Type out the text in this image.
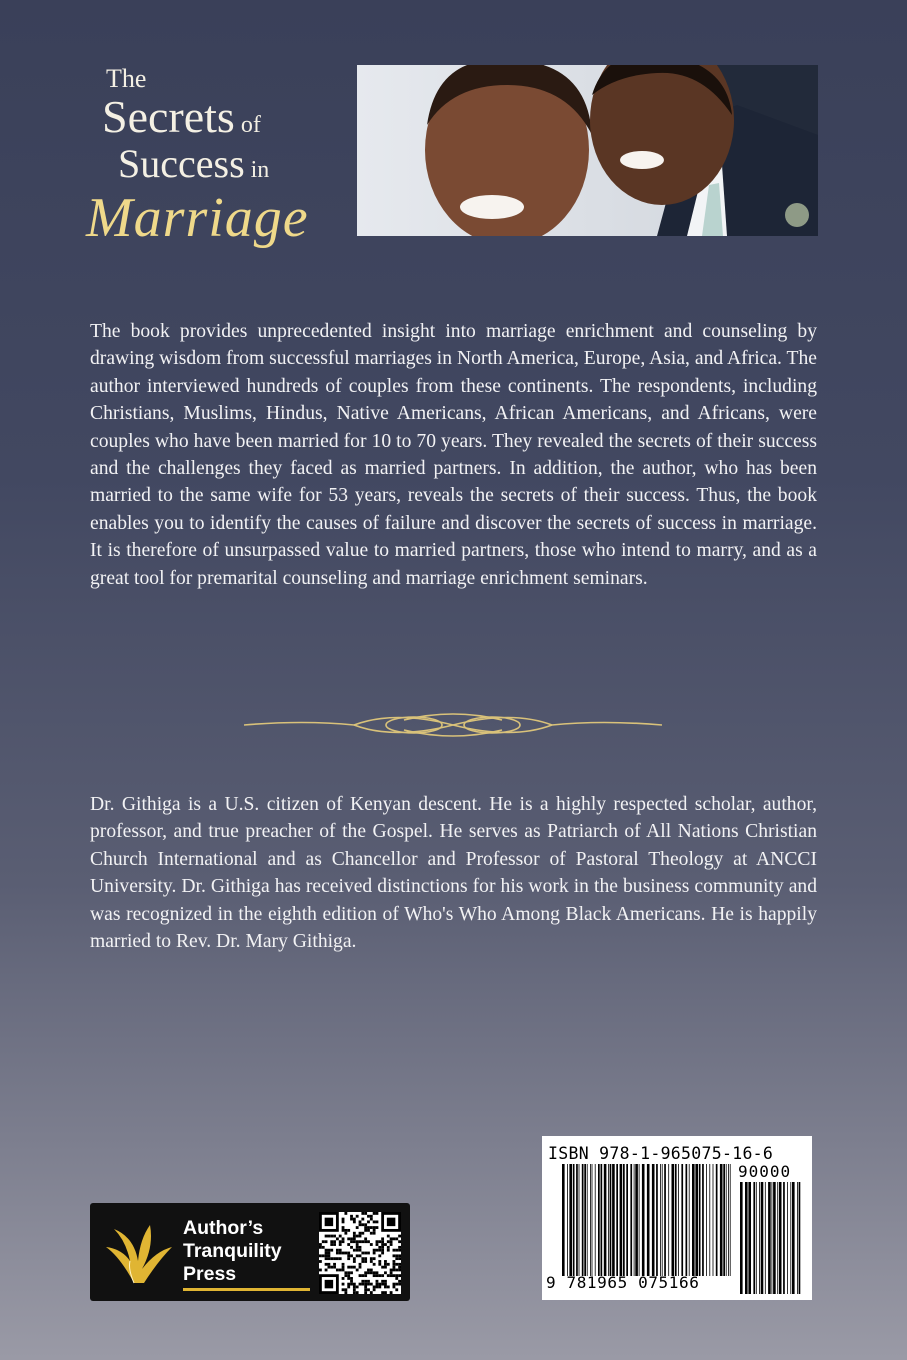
The
Secrets of
Success in
Marriage

The book provides unprecedented insight into marriage enrichment and counseling by drawing wisdom from successful marriages in North America, Europe, Asia, and Africa. The author interviewed hundreds of couples from these continents. The respondents, including Christians, Muslims, Hindus, Native Americans, African Americans, and Africans, were couples who have been married for 10 to 70 years. They revealed the secrets of their success and the challenges they faced as married partners. In addition, the author, who has been married to the same wife for 53 years, reveals the secrets of their success. Thus, the book enables you to identify the causes of failure and discover the secrets of success in marriage. It is therefore of unsurpassed value to married partners, those who intend to marry, and as a great tool for premarital counseling and marriage enrichment seminars.

Dr. Githiga is a U.S. citizen of Kenyan descent. He is a highly respected scholar, author, professor, and true preacher of the Gospel. He serves as Patriarch of All Nations Christian Church International and as Chancellor and Professor of Pastoral Theology at ANCCI University. Dr. Githiga has received distinctions for his work in the business community and was recognized in the eighth edition of Who's Who Among Black Americans. He is happily married to Rev. Dr. Mary Githiga.

ISBN 978-1-965075-16-6
90000
9 781965 075166
Author’s
Tranquility
Press
